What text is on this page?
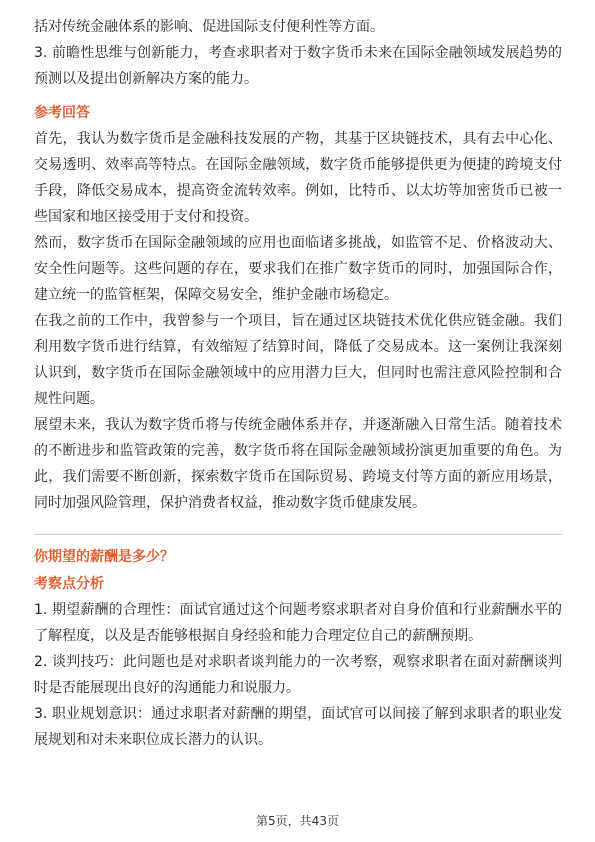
括对传统金融体系的影响、促进国际支付便利性等方面。

3. 前瞻性思维与创新能力，考查求职者对于数字货币未来在国际金融领域发展趋势的预测以及提出创新解决方案的能力。

参考回答

首先，我认为数字货币是金融科技发展的产物，其基于区块链技术，具有去中心化、交易透明、效率高等特点。在国际金融领域，数字货币能够提供更为便捷的跨境支付手段，降低交易成本，提高资金流转效率。例如，比特币、以太坊等加密货币已被一些国家和地区接受用于支付和投资。

然而，数字货币在国际金融领域的应用也面临诸多挑战，如监管不足、价格波动大、安全性问题等。这些问题的存在，要求我们在推广数字货币的同时，加强国际合作，建立统一的监管框架，保障交易安全，维护金融市场稳定。

在我之前的工作中，我曾参与一个项目，旨在通过区块链技术优化供应链金融。我们利用数字货币进行结算，有效缩短了结算时间，降低了交易成本。这一案例让我深刻认识到，数字货币在国际金融领域中的应用潜力巨大，但同时也需注意风险控制和合规性问题。

展望未来，我认为数字货币将与传统金融体系并存，并逐渐融入日常生活。随着技术的不断进步和监管政策的完善，数字货币将在国际金融领域扮演更加重要的角色。为此，我们需要不断创新，探索数字货币在国际贸易、跨境支付等方面的新应用场景，同时加强风险管理，保护消费者权益，推动数字货币健康发展。

你期望的薪酬是多少？
考察点分析

1. 期望薪酬的合理性：面试官通过这个问题考察求职者对自身价值和行业薪酬水平的了解程度，以及是否能够根据自身经验和能力合理定位自己的薪酬预期。

2. 谈判技巧：此问题也是对求职者谈判能力的一次考察，观察求职者在面对薪酬谈判时是否能展现出良好的沟通能力和说服力。

3. 职业规划意识：通过求职者对薪酬的期望，面试官可以间接了解到求职者的职业发展规划和对未来职位成长潜力的认识。

第5页，共43页
